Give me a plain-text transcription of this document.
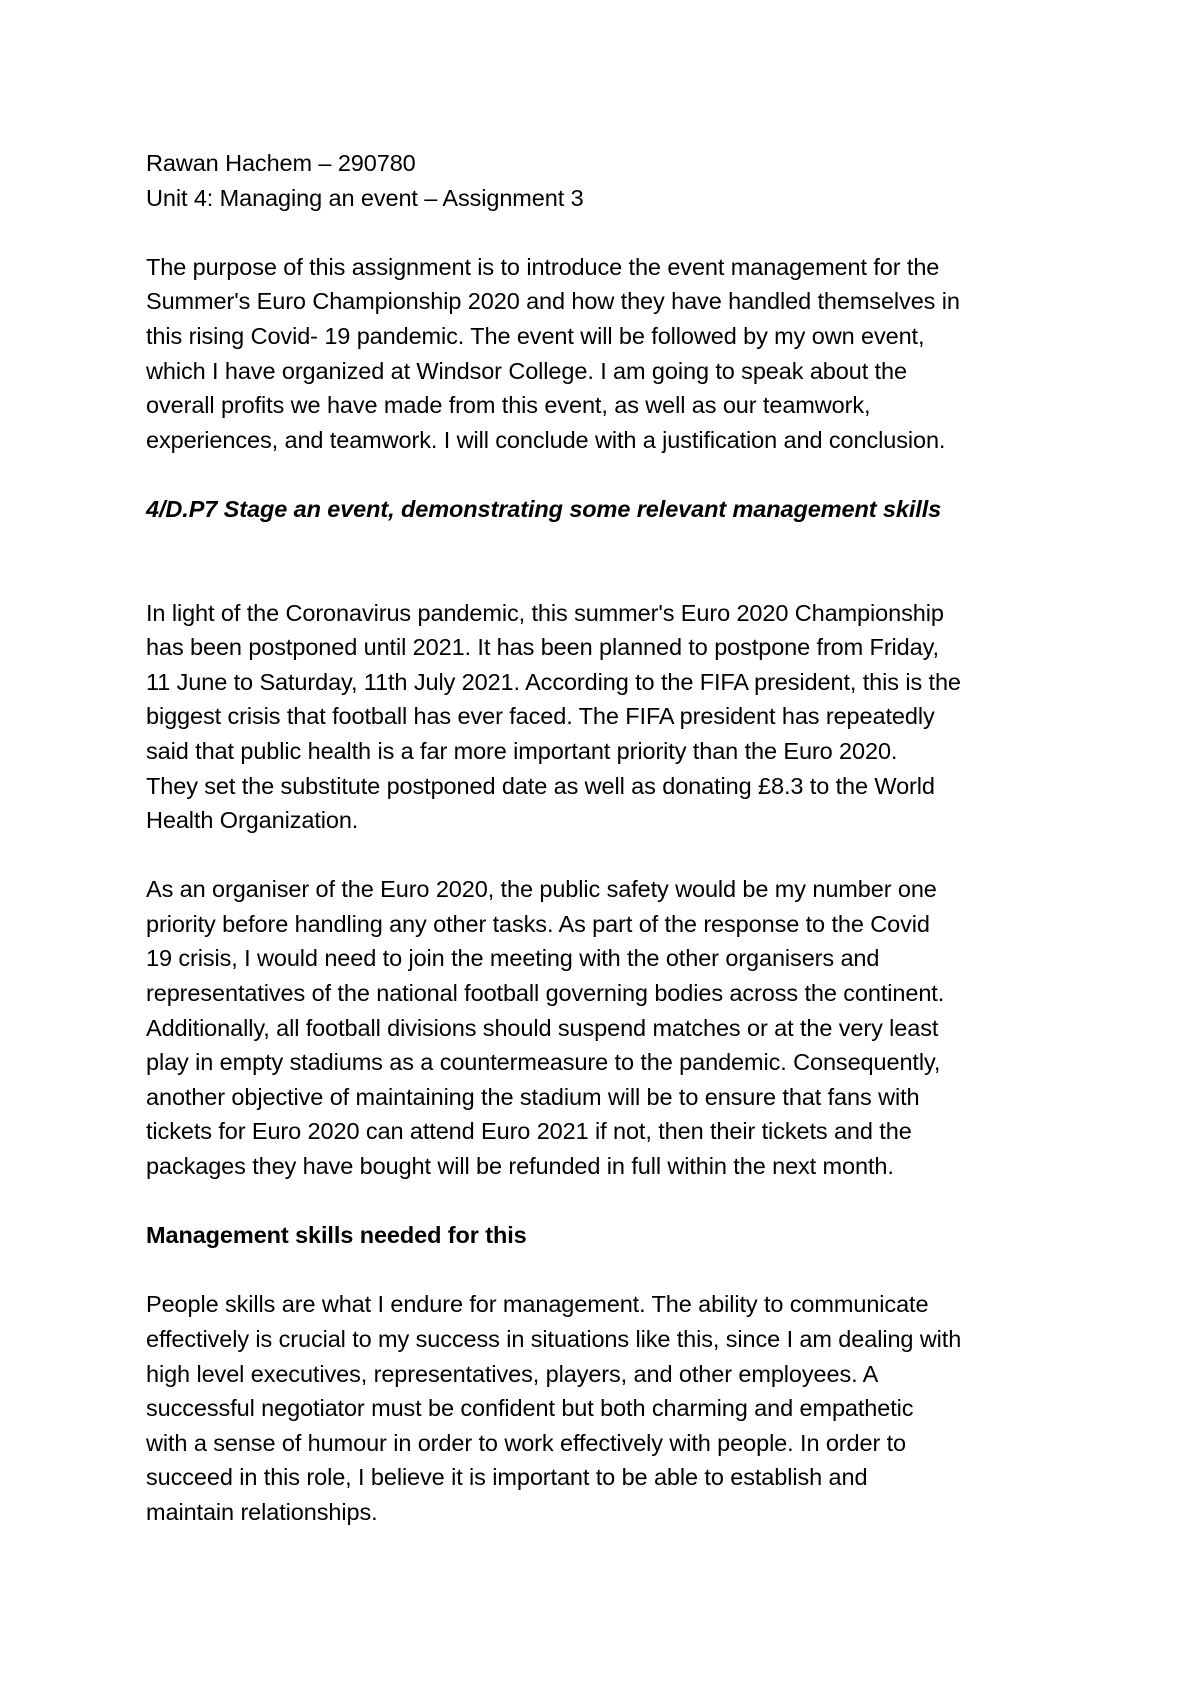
Rawan Hachem – 290780

Unit 4: Managing an event – Assignment 3

The purpose of this assignment is to introduce the event management for the
Summer's Euro Championship 2020 and how they have handled themselves in
this rising Covid- 19 pandemic. The event will be followed by my own event,
which I have organized at Windsor College. I am going to speak about the
overall profits we have made from this event, as well as our teamwork,
experiences, and teamwork. I will conclude with a justification and conclusion.

4/D.P7 Stage an event, demonstrating some relevant management skills

In light of the Coronavirus pandemic, this summer's Euro 2020 Championship
has been postponed until 2021. It has been planned to postpone from Friday,
11 June to Saturday, 11th July 2021. According to the FIFA president, this is the
biggest crisis that football has ever faced. The FIFA president has repeatedly
said that public health is a far more important priority than the Euro 2020.
They set the substitute postponed date as well as donating £8.3 to the World
Health Organization.

As an organiser of the Euro 2020, the public safety would be my number one
priority before handling any other tasks. As part of the response to the Covid
19 crisis, I would need to join the meeting with the other organisers and
representatives of the national football governing bodies across the continent.
Additionally, all football divisions should suspend matches or at the very least
play in empty stadiums as a countermeasure to the pandemic. Consequently,
another objective of maintaining the stadium will be to ensure that fans with
tickets for Euro 2020 can attend Euro 2021 if not, then their tickets and the
packages they have bought will be refunded in full within the next month.

Management skills needed for this

People skills are what I endure for management. The ability to communicate
effectively is crucial to my success in situations like this, since I am dealing with
high level executives, representatives, players, and other employees. A
successful negotiator must be confident but both charming and empathetic
with a sense of humour in order to work effectively with people. In order to
succeed in this role, I believe it is important to be able to establish and
maintain relationships.
